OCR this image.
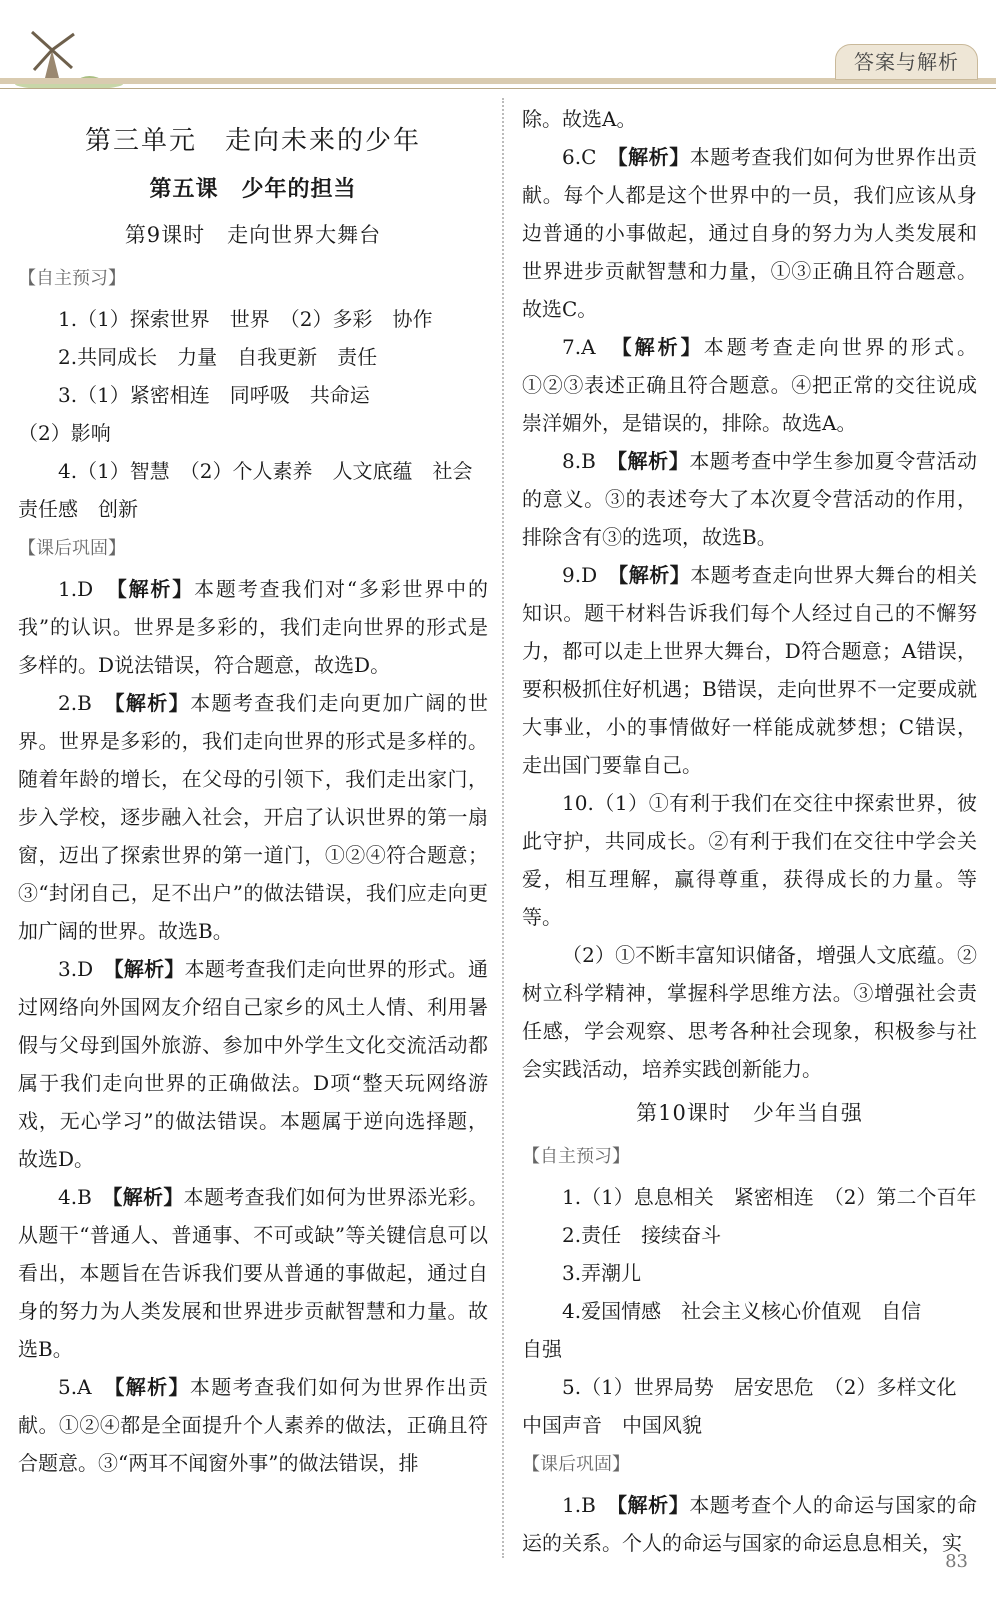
答案与解析
第三单元　走向未来的少年
第五课　少年的担当
第9课时　走向世界大舞台
【自主预习】

1.（1）探索世界　世界　（2）多彩　协作

2.共同成长　力量　自我更新　责任

3.（1）紧密相连　同呼吸　共命运

（2）影响

4.（1）智慧　（2）个人素养　人文底蕴　社会

责任感　创新

【课后巩固】

1.D　 【解析】本题考查我们对“多彩世界中的我”的认识。世界是多彩的，我们走向世界的形式是多样的。D说法错误，符合题意，故选D。

2.B　 【解析】本题考查我们走向更加广阔的世界。世界是多彩的，我们走向世界的形式是多样的。随着年龄的增长，在父母的引领下，我们走出家门，步入学校，逐步融入社会，开启了认识世界的第一扇窗，迈出了探索世界的第一道门，①②④符合题意；③“封闭自己，足不出户”的做法错误，我们应走向更加广阔的世界。故选B。

3.D　 【解析】本题考查我们走向世界的形式。通过网络向外国网友介绍自己家乡的风土人情、利用暑假与父母到国外旅游、参加中外学生文化交流活动都属于我们走向世界的正确做法。D项“整天玩网络游戏，无心学习”的做法错误。本题属于逆向选择题，故选D。

4.B　 【解析】本题考查我们如何为世界添光彩。从题干“普通人、普通事、不可或缺”等关键信息可以看出，本题旨在告诉我们要从普通的事做起，通过自身的努力为人类发展和世界进步贡献智慧和力量。故选B。

5.A　 【解析】本题考查我们如何为世界作出贡献。①②④都是全面提升个人素养的做法，正确且符合题意。③“两耳不闻窗外事”的做法错误，排

除。故选A。

6.C　 【解析】本题考查我们如何为世界作出贡献。每个人都是这个世界中的一员，我们应该从身边普通的小事做起，通过自身的努力为人类发展和世界进步贡献智慧和力量，①③正确且符合题意。故选C。

7.A　 【解析】本题考查走向世界的形式。①②③表述正确且符合题意。④把正常的交往说成崇洋媚外，是错误的，排除。故选A。

8.B　 【解析】本题考查中学生参加夏令营活动的意义。③的表述夸大了本次夏令营活动的作用，排除含有③的选项，故选B。

9.D　 【解析】本题考查走向世界大舞台的相关知识。题干材料告诉我们每个人经过自己的不懈努力，都可以走上世界大舞台，D符合题意；A错误，要积极抓住好机遇；B错误，走向世界不一定要成就大事业，小的事情做好一样能成就梦想；C错误，走出国门要靠自己。

10.（1）①有利于我们在交往中探索世界，彼此守护，共同成长。②有利于我们在交往中学会关爱，相互理解，赢得尊重，获得成长的力量。等等。

（2）①不断丰富知识储备，增强人文底蕴。②树立科学精神，掌握科学思维方法。③增强社会责任感，学会观察、思考各种社会现象，积极参与社会实践活动，培养实践创新能力。

第10课时　少年当自强
【自主预习】

1.（1）息息相关　紧密相连　（2）第二个百年

2.责任　接续奋斗

3.弄潮儿

4.爱国情感　社会主义核心价值观　自信

自强

5.（1）世界局势　居安思危　（2）多样文化

中国声音　中国风貌

【课后巩固】

1.B　 【解析】本题考查个人的命运与国家的命运的关系。个人的命运与国家的命运息息相关，实

83
